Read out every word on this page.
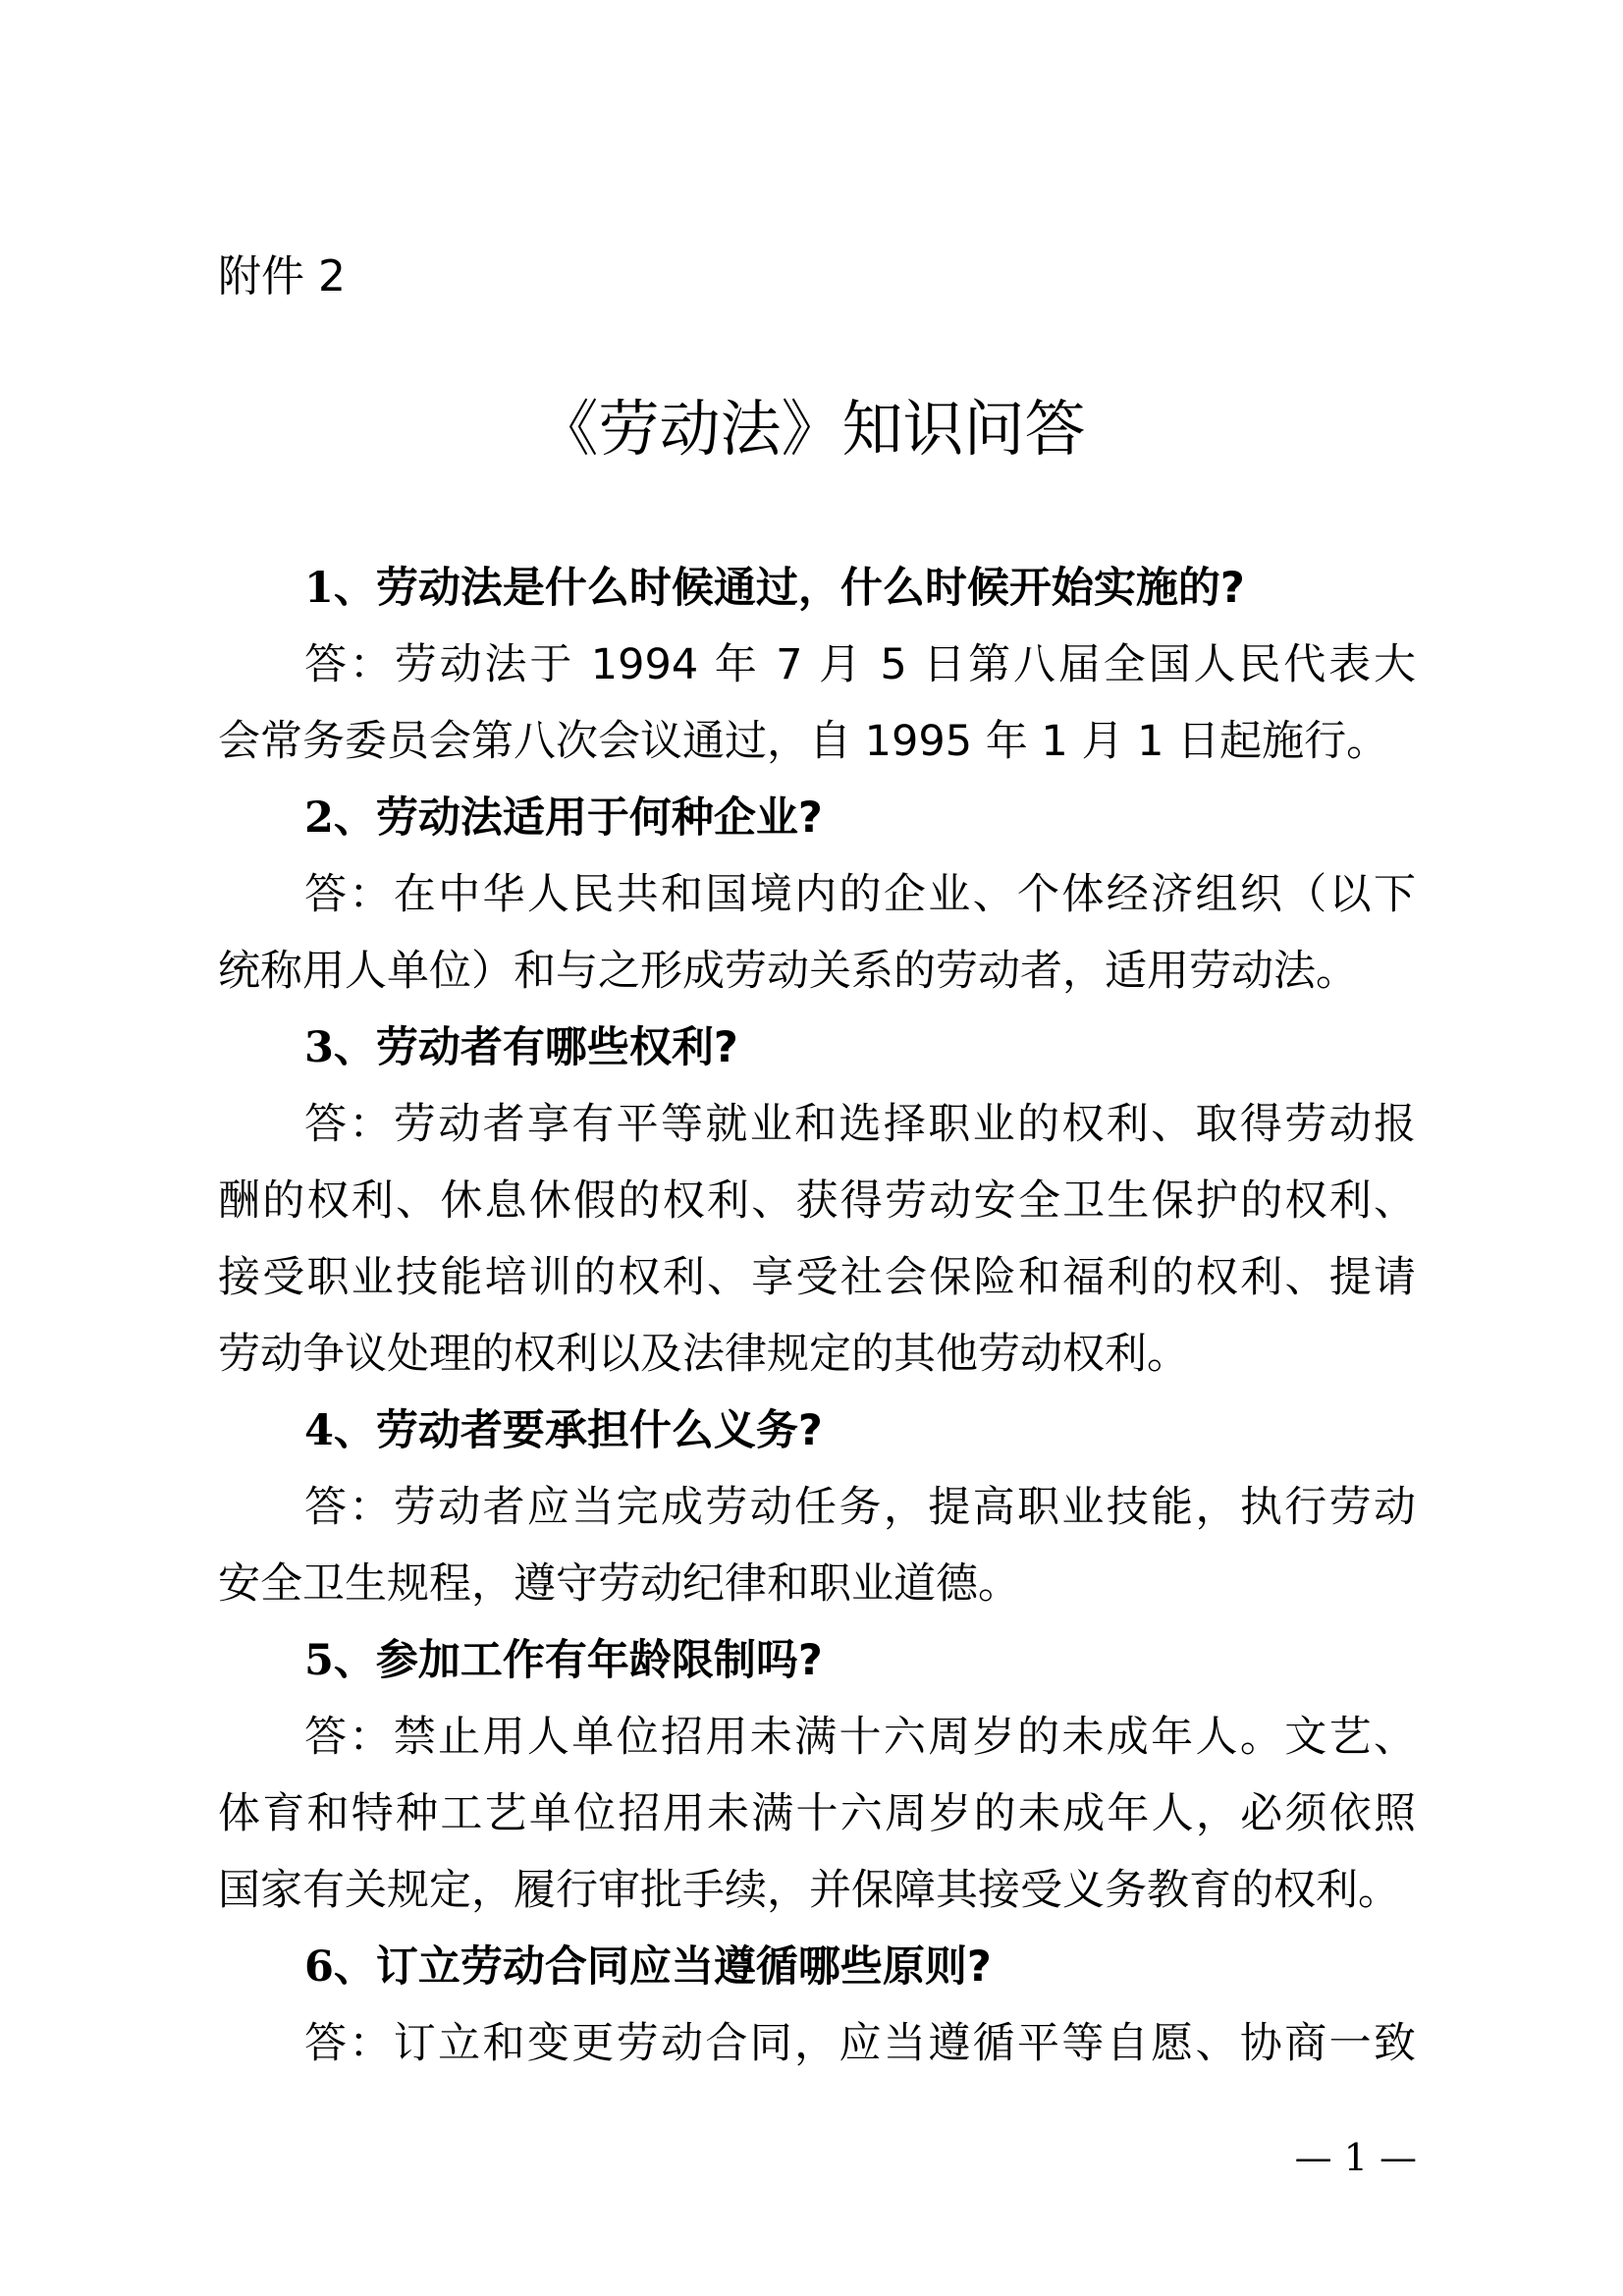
附件 2
《劳动法》知识问答
1、劳动法是什么时候通过，什么时候开始实施的?
答：劳动法于 1994 年 7 月 5 日第八届全国人民代表大
会常务委员会第八次会议通过，自 1995 年 1 月 1 日起施行。
2、劳动法适用于何种企业?
答：在中华人民共和国境内的企业、个体经济组织（以下
统称用人单位）和与之形成劳动关系的劳动者，适用劳动法。
3、劳动者有哪些权利?
答：劳动者享有平等就业和选择职业的权利、取得劳动报
酬的权利、休息休假的权利、获得劳动安全卫生保护的权利、
接受职业技能培训的权利、享受社会保险和福利的权利、提请
劳动争议处理的权利以及法律规定的其他劳动权利。
4、劳动者要承担什么义务?
答：劳动者应当完成劳动任务，提高职业技能，执行劳动
安全卫生规程，遵守劳动纪律和职业道德。
5、参加工作有年龄限制吗?
答：禁止用人单位招用未满十六周岁的未成年人。文艺、
体育和特种工艺单位招用未满十六周岁的未成年人，必须依照
国家有关规定，履行审批手续，并保障其接受义务教育的权利。
6、订立劳动合同应当遵循哪些原则?
答：订立和变更劳动合同，应当遵循平等自愿、协商一致
— 1 —
